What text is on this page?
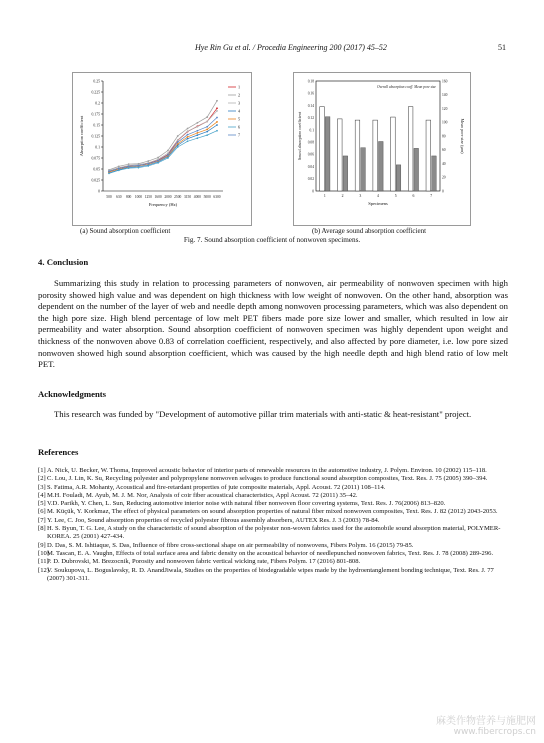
Hye Rin Gu et al. / Procedia Engineering 200 (2017) 45–52	51
0.25
0.225
0.2
0.175
0.15
0.125
0.1
0.075
0.05
0.025
0
500 630 800 1000 1250 1600 2000 2500 3150 4000 5000 6300
Frequency (Hz)
Absorption coefficient
1
2
3
4
5
6
7
0.18
0.16
0.14
0.12
0.1
0.08
0.06
0.04
0.02
0
160
140
120
100
80
60
40
20
0
Sound absorption coefficient	Mean pore size (µm)
Specimens
Overall absorption coeff. Mean pore size
1	2	3	4	5	6	7
(a) Sound absorption coefficient	(b) Average sound absorption coefficient
Fig. 7. Sound absorption coefficient of nonwoven specimens.
4. Conclusion

Summarizing this study in relation to processing parameters of nonwoven, air permeability of nonwoven specimen with high porosity showed high value and was dependent on high thickness with low weight of nonwoven. On the other hand, absorption was dependent on the number of the layer of web and needle depth among nonwoven processing parameters, which was also dependent on the high pore size. High blend percentage of low melt PET fibers made pore size lower and smaller, which resulted in low air permeability and water absorption. Sound absorption coefficient of nonwoven specimen was highly dependent upon weight and thickness of the nonwoven above 0.83 of correlation coefficient, respectively, and also affected by pore diameter, i.e. low pore sized nonwoven showed high sound absorption coefficient, which was caused by the high needle depth and high blend ratio of low melt PET.

Acknowledgments

This research was funded by "Development of automotive pillar trim materials with anti-static & heat-resistant" project.

References
[1] A. Nick, U. Becker, W. Thoma, Improved acoustic behavior of interior parts of renewable resources in the automotive industry, J. Polym. Environ. 10 (2002) 115–118.
[2] C. Lou, J. Lin, K. Su, Recycling polyester and polypropylene nonwoven selvages to produce functional sound absorption composites, Text. Res. J. 75 (2005) 390–394.
[3] S. Fatima, A.R. Mohanty, Acoustical and fire-retardant properties of jute composite materials, Appl. Acoust. 72 (2011) 108–114.
[4] M.H. Fouladi, M. Ayub, M. J. M. Nor, Analysis of coir fiber acoustical characteristics, Appl Acoust. 72 (2011) 35–42.
[5] V.D. Parikh, Y. Chen, L. Sun, Reducing automotive interior noise with natural fiber nonwoven floor covering systems, Text. Res. J. 76(2006) 813–820.
[6] M. Küçük, Y. Korkmaz, The effect of physical parameters on sound absorption properties of natural fiber mixed nonwoven composites, Text. Res. J. 82 (2012) 2043-2053.
[7] Y. Lee, C. Joo, Sound absorption properties of recycled polyester fibrous assembly absorbers, AUTEX Res. J. 3 (2003) 78-84.
[8] H. S. Byun, T. G. Lee, A study on the characteristic of sound absorption of the polyester non-woven fabrics used for the automobile sound absorption material, POLYMER-KOREA. 25 (2001) 427-434.
[9] D. Das, S. M. Ishtiaque, S. Das, Influence of fibre cross-sectional shape on air permeability of nonwovens, Fibers Polym. 16 (2015) 79-85.
[10]
M. Tascan, E. A. Vaughn, Effects of total surface area and fabric density on the acoustical behavior of needlepunched nonwoven fabrics, Text. Res. J. 78 (2008) 289-296.
[11]
P. D. Dubrovski, M. Brezocnik, Porosity and nonwoven fabric vertical wicking rate, Fibers Polym. 17 (2016) 801-808.
[12]
V. Soukupova, L. Boguslavsky, R. D. AnandJiwala, Studies on the properties of biodegradable wipes made by the hydroentanglement bonding technique, Text. Res. J. 77 (2007) 301-311.
麻类作物营养与施肥网
www.fibercrops.cn
